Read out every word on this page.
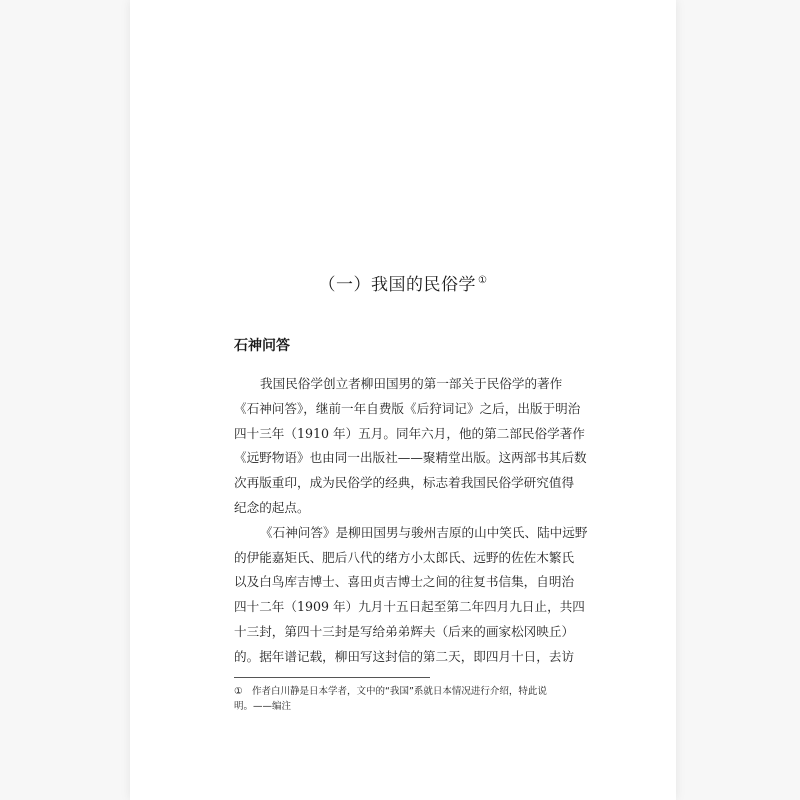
（一）我国的民俗学 ①
石神问答
我国民俗学创立者柳田国男的第一部关于民俗学的著作
《石神问答》，继前一年自费版《后狩词记》之后，出版于明治
四十三年（1910 年）五月。同年六月，他的第二部民俗学著作
《远野物语》也由同一出版社——聚精堂出版。这两部书其后数
次再版重印，成为民俗学的经典，标志着我国民俗学研究值得
纪念的起点。
《石神问答》是柳田国男与骏州吉原的山中笑氏、陆中远野
的伊能嘉矩氏、肥后八代的绪方小太郎氏、远野的佐佐木繁氏
以及白鸟库吉博士、喜田贞吉博士之间的往复书信集，自明治
四十二年（1909 年）九月十五日起至第二年四月九日止，共四
十三封，第四十三封是写给弟弟辉夫（后来的画家松冈映丘）
的。据年谱记载，柳田写这封信的第二天，即四月十日，去访
①　作者白川静是日本学者，文中的“我国”系就日本情况进行介绍，特此说
明。——编注
